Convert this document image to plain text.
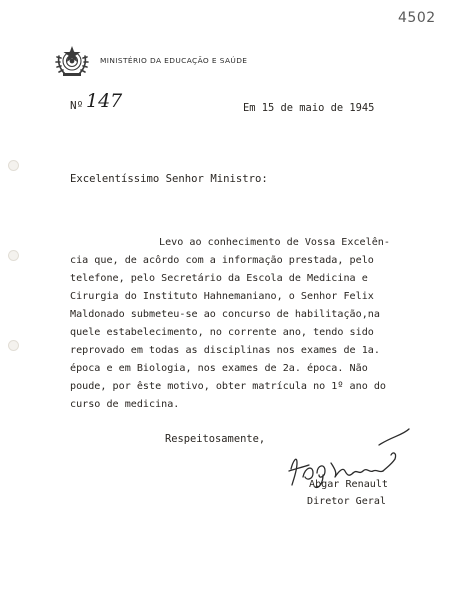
4502
MINISTÉRIO DA EDUCAÇÃO E SAÚDE
Nº 147	Em 15 de maio de 1945
Excelentíssimo Senhor Ministro:
Levo ao conhecimento de Vossa Excelên-
cia que, de acôrdo com a informação prestada, pelo
telefone, pelo Secretário da Escola de Medicina e
Cirurgia do Instituto Hahnemaniano, o Senhor Felix
Maldonado submeteu-se ao concurso de habilitação,na
quele estabelecimento, no corrente ano, tendo sido
reprovado em todas as disciplinas nos exames de 1a.
época e em Biologia, nos exames de 2a. época. Não
poude, por êste motivo, obter matrícula no 1º ano do
curso de medicina.
Respeitosamente,
Abgar Renault
Diretor Geral
